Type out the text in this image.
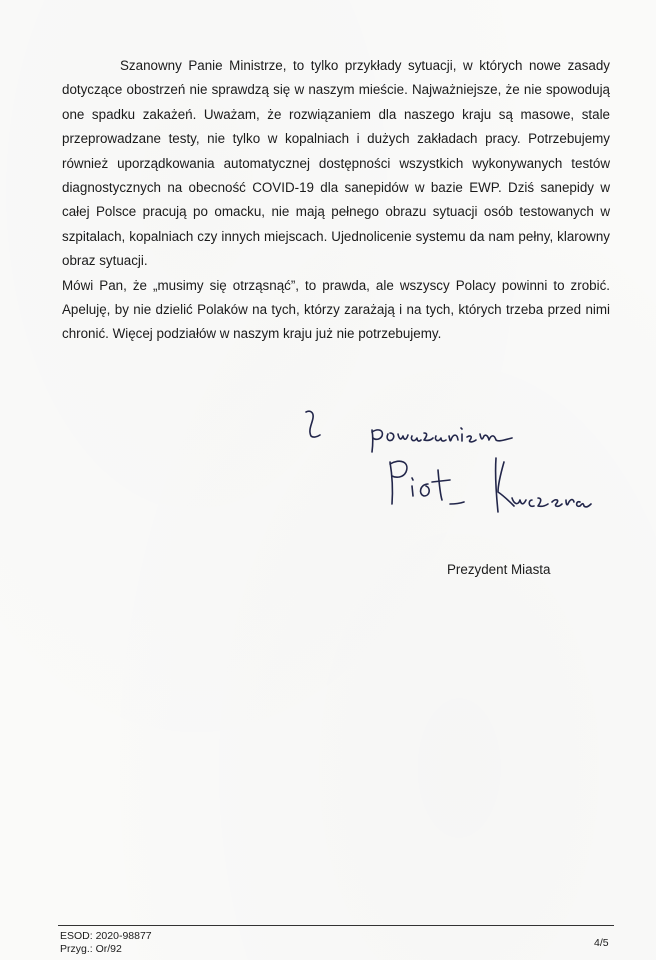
Szanowny Panie Ministrze, to tylko przykłady sytuacji, w których nowe zasady dotyczące obostrzeń nie sprawdzą się w naszym mieście. Najważniejsze, że nie spowodują one spadku zakażeń. Uważam, że rozwiązaniem dla naszego kraju są masowe, stale przeprowadzane testy, nie tylko w kopalniach i dużych zakładach pracy. Potrzebujemy również uporządkowania automatycznej dostępności wszystkich wykonywanych testów diagnostycznych na obecność COVID-19 dla sanepidów w bazie EWP. Dziś sanepidy w całej Polsce pracują po omacku, nie mają pełnego obrazu sytuacji osób testowanych w szpitalach, kopalniach czy innych miejscach. Ujednolicenie systemu da nam pełny, klarowny obraz sytuacji.

Mówi Pan, że „musimy się otrząsnąć”, to prawda, ale wszyscy Polacy powinni to zrobić. Apeluję, by nie dzielić Polaków na tych, którzy zarażają i na tych, których trzeba przed nimi chronić. Więcej podziałów w naszym kraju już nie potrzebujemy.

Prezydent Miasta
ESOD: 2020-98877
Przyg.: Or/92	4/5
